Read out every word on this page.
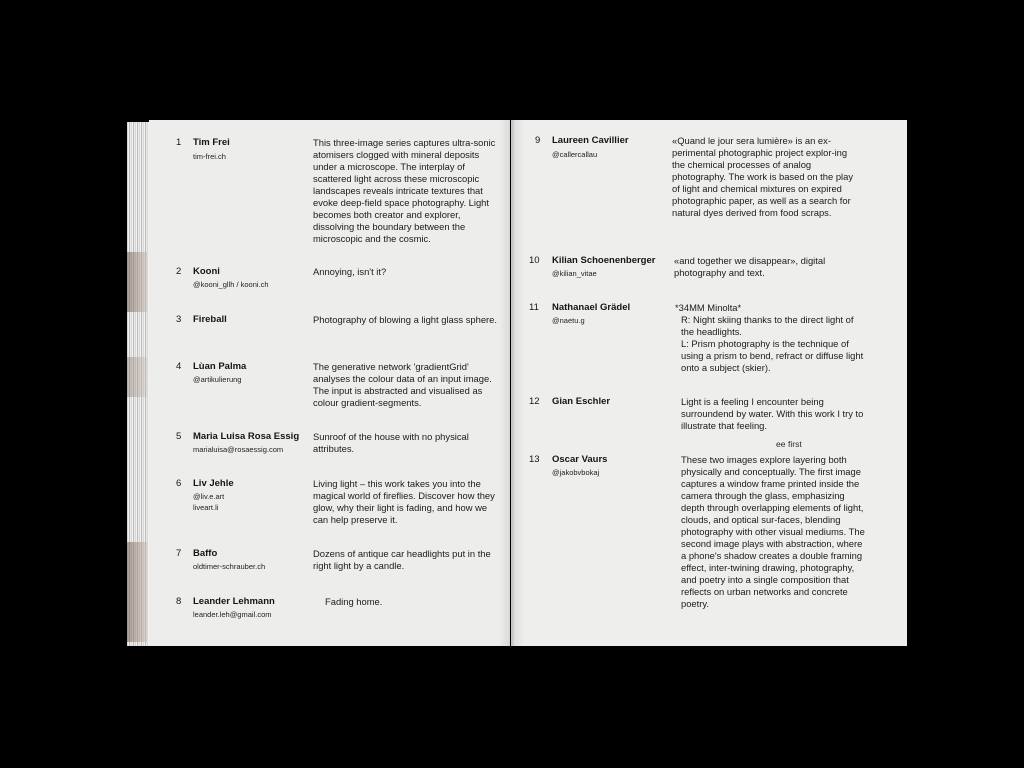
1 Tim Frei
tim-frei.ch
This three-image series captures ultra-sonic atomisers clogged with mineral deposits under a microscope. The interplay of scattered light across these microscopic landscapes reveals intricate textures that evoke deep-field space photography. Light becomes both creator and explorer, dissolving the boundary between the microscopic and the cosmic.
2 Kooni
@kooni_gllh / kooni.ch
Annoying, isn't it?
3 Fireball	Photography of blowing a light glass sphere.
4 Lùan Palma
@artikulierung
The generative network 'gradientGrid' analyses the colour data of an input image. The input is abstracted and visualised as colour gradient-segments.
5 Maria Luisa Rosa Essig
marialuisa@rosaessig.com
Sunroof of the house with no physical attributes.
6 Liv Jehle
@liv.e.art
liveart.li
Living light – this work takes you into the magical world of fireflies. Discover how they glow, why their light is fading, and how we can help preserve it.
7 Baffo
oldtimer-schrauber.ch
Dozens of antique car headlights put in the right light by a candle.
8 Leander Lehmann
leander.leh@gmail.com
Fading home.
9 Laureen Cavillier
@callercallau
«Quand le jour sera lumière» is an ex-perimental photographic project explor-ing the chemical processes of analog photography. The work is based on the play of light and chemical mixtures on expired photographic paper, as well as a search for natural dyes derived from food scraps.
10 Kilian Schoenenberger
@kilian_vitae
«and together we disappear», digital photography and text.
11 Nathanael Grädel
@naetu.g
*34MM Minolta*
R: Night skiing thanks to the direct light of the headlights.
L: Prism photography is the technique of using a prism to bend, refract or diffuse light onto a subject (skier).
12 Gian Eschler	Light is a feeling I encounter being surroundend by water. With this work I try to illustrate that feeling.
ee first
13 Oscar Vaurs
@jakobvbokaj
These two images explore layering both physically and conceptually. The first image captures a window frame printed inside the camera through the glass, emphasizing depth through overlapping elements of light, clouds, and optical sur-faces, blending photography with other visual mediums. The second image plays with abstraction, where a phone's shadow creates a double framing effect, inter-twining drawing, photography, and poetry into a single composition that reflects on urban networks and concrete poetry.
